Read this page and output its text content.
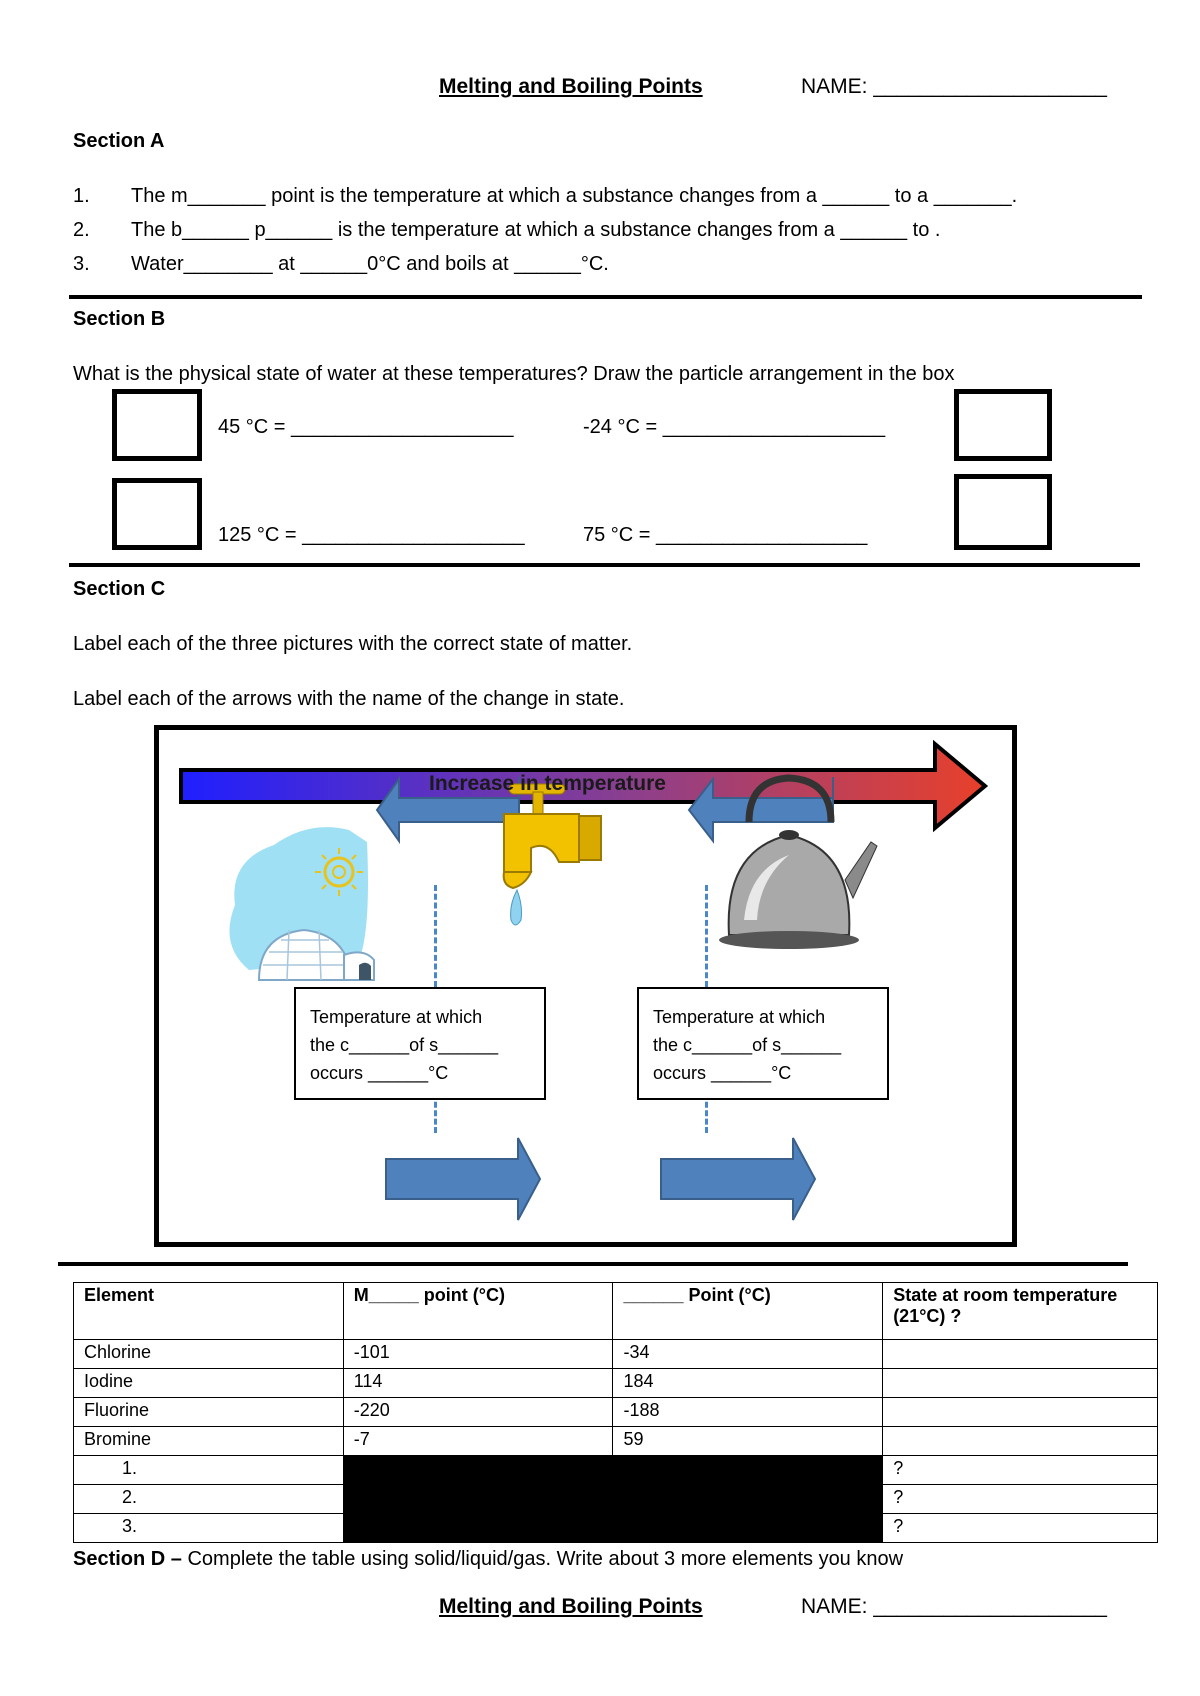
Melting and Boiling Points	NAME: ____________________
Section A
1. The m_______ point is the temperature at which a substance changes from a ______ to a _______.
2. The b______ p______ is the temperature at which a substance changes from a ______ to .
3. Water________ at ______0°C and boils at ______°C.
Section B
What is the physical state of water at these temperatures? Draw the particle arrangement in the box
45 °C = ____________________	-24 °C = ____________________
125 °C = ____________________	75 °C = ___________________
Section C
Label each of the three pictures with the correct state of matter.
Label each of the arrows with the name of the change in state.
Increase in temperature
Temperature at which
the c______of s______
occurs ______°C
Temperature at which
the c______of s______
occurs ______°C
Element	M_____ point (°C)	______ Point (°C)	State at room temperature (21°C) ?
Chlorine	-101	-34	
Iodine	114	184	
Fluorine	-220	-188	
Bromine	-7	59	
1.			?
2.			?
3.			?
Section D – Complete the table using solid/liquid/gas. Write about 3 more elements you know
Melting and Boiling Points	NAME: ____________________
